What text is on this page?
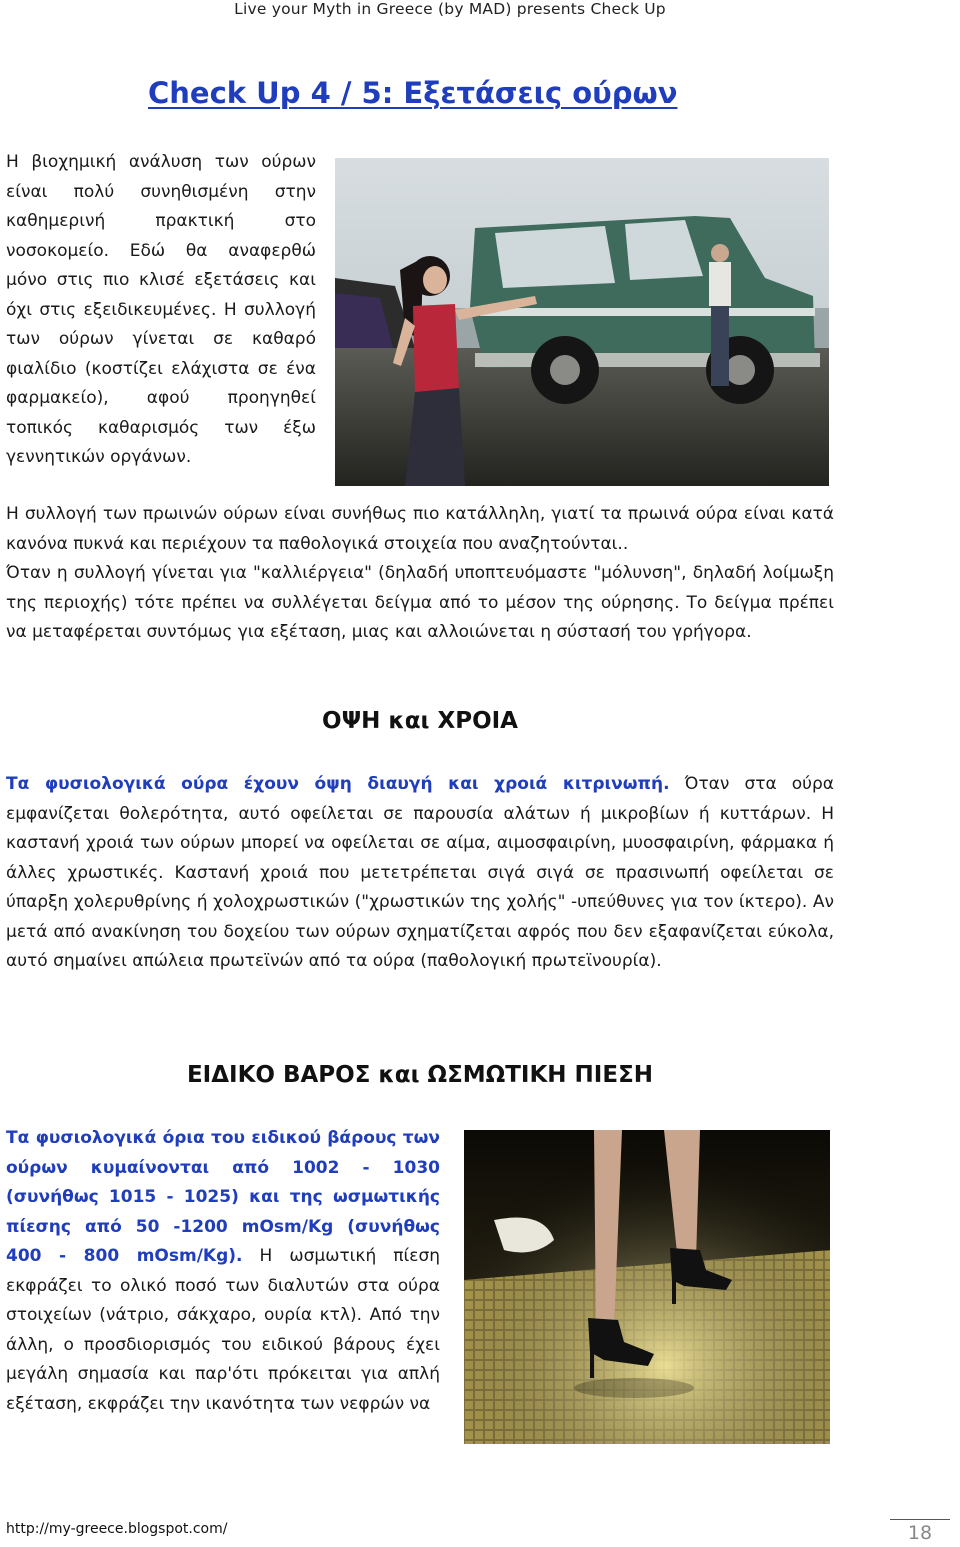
Live your Myth in Greece (by MAD) presents Check Up
Check Up 4 / 5: Εξετάσεις ούρων

Η βιοχημική ανάλυση των ούρων είναι πολύ συνηθισμένη στην καθημερινή πρακτική στο νοσοκομείο. Εδώ θα αναφερθώ μόνο στις πιο κλισέ εξετάσεις και όχι στις εξειδικευμένες. Η συλλογή των ούρων γίνεται σε καθαρό φιαλίδιο (κοστίζει ελάχιστα σε ένα φαρμακείο), αφού προηγηθεί τοπικός καθαρισμός των έξω γεννητικών οργάνων.

Η συλλογή των πρωινών ούρων είναι συνήθως πιο κατάλληλη, γιατί τα πρωινά ούρα είναι κατά κανόνα πυκνά και περιέχουν τα παθολογικά στοιχεία που αναζητούνται..

Όταν η συλλογή γίνεται για "καλλιέργεια" (δηλαδή υποπτευόμαστε "μόλυνση", δηλαδή λοίμωξη της περιοχής) τότε πρέπει να συλλέγεται δείγμα από το μέσον της ούρησης. Το δείγμα πρέπει να μεταφέρεται συντόμως για εξέταση, μιας και αλλοιώνεται η σύστασή του γρήγορα.

ΟΨΗ και ΧΡΟΙΑ

Τα φυσιολογικά ούρα έχουν όψη διαυγή και χροιά κιτρινωπή. Όταν στα ούρα εμφανίζεται θολερότητα, αυτό οφείλεται σε παρουσία αλάτων ή μικροβίων ή κυττάρων. Η καστανή χροιά των ούρων μπορεί να οφείλεται σε αίμα, αιμοσφαιρίνη, μυοσφαιρίνη, φάρμακα ή άλλες χρωστικές. Καστανή χροιά που μετετρέπεται σιγά σιγά σε πρασινωπή οφείλεται σε ύπαρξη χολερυθρίνης ή χολοχρωστικών ("χρωστικών της χολής" -υπεύθυνες για τον ίκτερο). Αν μετά από ανακίνηση του δοχείου των ούρων σχηματίζεται αφρός που δεν εξαφανίζεται εύκολα, αυτό σημαίνει απώλεια πρωτεϊνών από τα ούρα (παθολογική πρωτεϊνουρία).

ΕΙΔΙΚΟ ΒΑΡΟΣ και ΩΣΜΩΤΙΚΗ ΠΙΕΣΗ

Τα φυσιολογικά όρια του ειδικού βάρους των ούρων κυμαίνονται από 1002 - 1030 (συνήθως 1015 - 1025) και της ωσμωτικής πίεσης από 50 -1200 mOsm/Kg (συνήθως 400 - 800 mOsm/Kg). Η ωσμωτική πίεση εκφράζει το ολικό ποσό των διαλυτών στα ούρα στοιχείων (νάτριο, σάκχαρο, ουρία κτλ). Από την άλλη, ο προσδιορισμός του ειδικού βάρους έχει μεγάλη σημασία και παρ'ότι πρόκειται για απλή εξέταση, εκφράζει την ικανότητα των νεφρών να

http://my-greece.blogspot.com/	18
